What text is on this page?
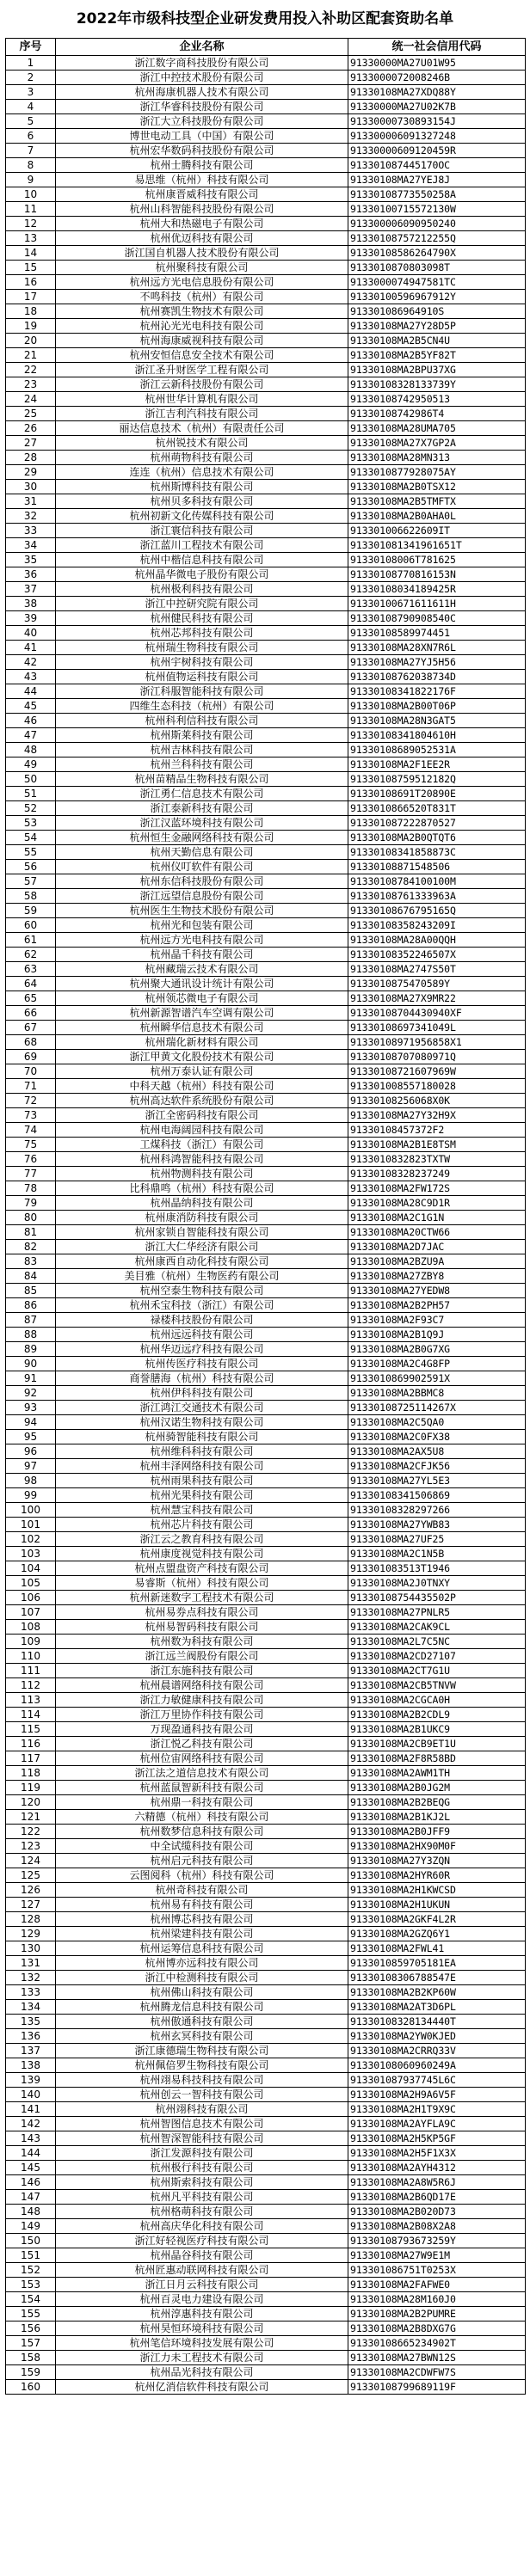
2022年市级科技型企业研发费用投入补助区配套资助名单
序号	企业名称	统一社会信用代码
1	浙江数字商科技股份有限公司	91330000MA27U01W95
2	浙江中控技术股份有限公司	9133000072008246B
3	杭州海康机器人技术有限公司	91330108MA27XDQ88Y
4	浙江华睿科技股份有限公司	91330000MA27U02K7B
5	浙江大立科技股份有限公司	91330000730893154J
6	博世电动工具（中国）有限公司	913300006091327248
7	杭州宏华数码科技股份有限公司	91330000609120459R
8	杭州士腾科技有限公司	913301087445170OC
9	易思维（杭州）科技有限公司	91330108MA27YEJ8J
10	杭州康晋威科技有限公司	91330108773550258A
11	杭州山科智能科技股份有限公司	91330100715572130W
12	杭州大和热磁电子有限公司	913300006090950240
13	杭州优迈科技有限公司	91330108757212255Q
14	浙江国自机器人技术股份有限公司	91330108586264790X
15	杭州聚科技有限公司	9133010870803098T
16	杭州远方光电信息股份有限公司	9133000074947581TC
17	不鸣科技（杭州）有限公司	91330100596967912Y
18	杭州赛凯生物技术有限公司	913301086964910S
19	杭州沁光光电科技有限公司	91330108MA27Y28D5P
20	杭州海康威视科技有限公司	91330108MA2B5CN4U
21	杭州安恒信息安全技术有限公司	91330108MA2B5YF82T
22	浙江圣升财医学工程有限公司	91330108MA2BPU37XG
23	浙江云新科技股份有限公司	91330108328133739Y
24	杭州世华计算机有限公司	91330108742950513
25	浙江吉利汽科技有限公司	91330108742986T4
26	丽达信息技术（杭州）有限责任公司	91330108MA28UMA705
27	杭州锐技术有限公司	91330108MA27X7GP2A
28	杭州萌物科技有限公司	91330108MA28MN313
29	连连（杭州）信息技术有限公司	9133010877928075AY
30	杭州斯博科技有限公司	91330108MA2B0TSX12
31	杭州贝多科技有限公司	91330108MA2B5TMFTX
32	杭州初新文化传媒科技有限公司	91330108MA2B0AHA0L
33	浙江寰信科技有限公司	913301006622609IT
34	浙江蓝川工程技术有限公司	913301081341961651T
35	杭州中楷信息科技有限公司	91330108006T781625
36	杭州晶华微电子股份有限公司	91330108770816153N
37	杭州极利科技有限公司	91330108034189425R
38	浙江中控研究院有限公司	91330100671611611H
39	杭州健民科技有限公司	91330108790908540C
40	杭州芯邦科技有限公司	91330108589974451
41	杭州瑞生物科技有限公司	91330108MA28XN7R6L
42	杭州宇树科技有限公司	91330108MA27YJ5H56
43	杭州值物运科技有限公司	91330108762038734D
44	浙江科服智能科技有限公司	91330108341822176F
45	四维生态科技（杭州）有限公司	91330108MA2B00T06P
46	杭州科利信科技有限公司	91330108MA28N3GAT5
47	杭州斯莱科技有限公司	91330108341804610H
48	杭州吉林科技有限公司	91330108689052531A
49	杭州兰科科技有限公司	91330108MA2F1EE2R
50	杭州苗精品生物科技有限公司	91330108759512182Q
51	浙江勇仁信息技术有限公司	91330108691T20890E
52	浙江泰新科技有限公司	9133010866520T831T
53	浙江汉蓝环境科技有限公司	913301087222870527
54	杭州恒生金融网络科技有限公司	91330108MA2B0QTQT6
55	杭州天勤信息有限公司	91330108341858873C
56	杭州仪叮软件有限公司	91330108871548506
57	杭州东信科技股份有限公司	91330108784100100M
58	浙江远望信息股份有限公司	91330108761333963A
59	杭州医生生物技术股份有限公司	91330108676795165Q
60	杭州光和包装有限公司	91330108358243209I
61	杭州远方光电科技有限公司	91330108MA28A00QQH
62	杭州晶千科技有限公司	91330108352246507X
63	杭州藏瑞云技术有限公司	91330108MA2747S50T
64	杭州聚大通讯设计统计有限公司	9133010875470589Y
65	杭州领芯微电子有限公司	91330108MA27X9MR22
66	杭州新源智谱汽车空调有限公司	91330108704430940XF
67	杭州瞬华信息技术有限公司	91330108697341049L
68	杭州瑞化新材料有限公司	91330108971956858X1
69	浙江甲黄文化股份技术有限公司	91330108707080971Q
70	杭州万泰认证有限公司	91330108721607969W
71	中科天越（杭州）科技有限公司	913301008557180028
72	杭州高达软件系统股份有限公司	91330108256068X0K
73	浙江全密码科技有限公司	91330108MA27Y32H9X
74	杭州电海阔园科技有限公司	91330108457372F2
75	工煤科技（浙江）有限公司	91330108MA2B1E8TSM
76	杭州科鸿智能科技有限公司	9133010832823TXTW
77	杭州物测科技有限公司	91330108328237249
78	比科鼎鸣（杭州）科技有限公司	91330108MA2FW172S
79	杭州晶纳科技有限公司	91330108MA28C9D1R
80	杭州康消防科技有限公司	91330108MA2C1G1N
81	杭州家锁自智能科技有限公司	91330108MA20CTW66
82	浙江大仁华经济有限公司	91330108MA2D7JAC
83	杭州康西自动化科技有限公司	91330108MA2BZU9A
84	美目雅（杭州）生物医药有限公司	91330108MA27ZBY8
85	杭州空泰生物科技有限公司	91330108MA27YEDW8
86	杭州禾宝科技（浙江）有限公司	91330108MA2B2PH57
87	禄楼科技股份有限公司	91330108MA2F93C7
88	杭州远远科技有限公司	91330108MA2B1Q9J
89	杭州华迈远疗科技有限公司	91330108MA2B0G7XG
90	杭州传医疗科技有限公司	91330108MA2C4G8FP
91	商誉膳海（杭州）科技有限公司	9133010869902591X
92	杭州伊科科技有限公司	91330108MA2BBMC8
93	浙江鸿江交通技术有限公司	91330108725114267X
94	杭州汉诺生物科技有限公司	91330108MA2C5QA0
95	杭州骑智能科技有限公司	91330108MA2C0FX38
96	杭州维科科技有限公司	91330108MA2AX5U8
97	杭州丰泽网络科技有限公司	91330108MA2CFJK56
98	杭州雨果科技有限公司	91330108MA27YL5E3
99	杭州光果科技有限公司	91330108341506869
100	杭州慧宝科技有限公司	91330108328297266
101	杭州芯片科技有限公司	91330108MA27YWB83
102	浙江云之教育科技有限公司	91330108MA27UF25
103	杭州康度视觉科技有限公司	91330108MA2C1N5B
104	杭州点盟盘资产科技有限公司	913301083513T1946
105	易睿斯（杭州）科技有限公司	91330108MA2J0TNXY
106	杭州新迷数字工程技术有限公司	91330108754435502P
107	杭州易券点科技有限公司	91330108MA27PNLR5
108	杭州易智码科技有限公司	91330108MA2CAK9CL
109	杭州数为科技有限公司	91330108MA2L7C5NC
110	浙江远兰阀股份有限公司	91330108MA2CD27107
111	浙江东施科技有限公司	91330108MA2CT7G1U
112	杭州晨谱网络科技有限公司	91330108MA2CB5TNVW
113	浙江力敏健康科技有限公司	91330108MA2CGCA0H
114	浙江万里协作科技有限公司	91330108MA2B2CDL9
115	万现盈通科技有限公司	91330108MA2B1UKC9
116	浙江悦乙科技有限公司	91330108MA2CB9ET1U
117	杭州位宙网络科技有限公司	91330108MA2F8R58BD
118	浙江法之道信息技术有限公司	91330108MA2AWM1TH
119	杭州蓝鼠智新科技有限公司	91330108MA2B0JG2M
120	杭州鼎一科技有限公司	91330108MA2B2BEQG
121	六精德（杭州）科技有限公司	91330108MA2B1KJ2L
122	杭州数梦信息科技有限公司	91330108MA2B0JFF9
123	中全试缆科技有限公司	91330108MA2HX90M0F
124	杭州启元科技有限公司	91330108MA27Y3ZQN
125	云图阅科（杭州）科技有限公司	91330108MA2HYR60R
126	杭州奇科技有限公司	91330108MA2H1KWCSD
127	杭州易有科技有限公司	91330108MA2H1UKUN
128	杭州博芯科技有限公司	91330108MA2GKF4L2R
129	杭州梁建科技有限公司	91330108MA2GZQ6Y1
130	杭州运筹信息科技有限公司	91330108MA2FWL41
131	杭州博亦远科技有限公司	9133010859705181EA
132	浙江中检测科技有限公司	91330108306788547E
133	杭州佛山科技有限公司	91330108MA2B2KP60W
134	杭州腾龙信息科技有限公司	91330108MA2AT3D6PL
135	杭州傲通科技有限公司	91330108328134440T
136	杭州玄冥科技有限公司	91330108MA2YW0KJED
137	浙江康德瑞生物科技有限公司	91330108MA2CRRQ33V
138	杭州佩倍罗生物科技有限公司	91330108060960249A
139	杭州翊易科技科技有限公司	913301087937745L6C
140	杭州创云一智科技有限公司	91330108MA2H9A6V5F
141	杭州翊科技有限公司	91330108MA2H1T9X9C
142	杭州智图信息技术有限公司	91330108MA2AYFLA9C
143	杭州智深智能科技有限公司	91330108MA2H5KP5GF
144	浙江发源科技有限公司	91330108MA2H5F1X3X
145	杭州极行科技有限公司	91330108MA2AYH4312
146	杭州斯索科技有限公司	91330108MA2A8W5R6J
147	杭州凡平科技有限公司	91330108MA2B6QD17E
148	杭州格萌科技有限公司	91330108MA2B020D73
149	杭州高庆华化科技有限公司	91330108MA2B08X2A8
150	浙江好轻视医疗科技有限公司	91330108793673259Y
151	杭州晶谷科技有限公司	91330108MA27W9E1M
152	杭州匠惠动联网科技有限公司	913301086751T0253X
153	浙江日月云科技有限公司	91330108MA2FAFWE0
154	杭州百灵电力建设有限公司	91330108MA28M160J0
155	杭州淳惠科技有限公司	91330108MA2B2PUMRE
156	杭州昊恒环境科技有限公司	91330108MA2B8DXG7G
157	杭州笔信环境科技发展有限公司	91330108665234902T
158	浙江力未工程技术有限公司	91330108MA27BWN12S
159	杭州品光科技有限公司	91330108MA2CDWFW7S
160	杭州亿消信软件科技有限公司	91330108799689119F
